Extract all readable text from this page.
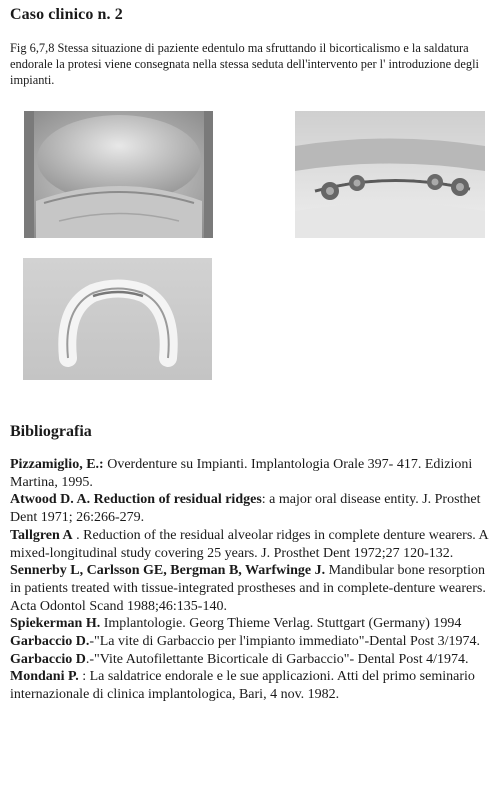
Caso clinico n. 2
Fig 6,7,8 Stessa situazione di paziente edentulo ma sfruttando il bicorticalismo e la saldatura endorale la protesi viene consegnata nella stessa seduta dell'intervento per l' introduzione degli impianti.
Bibliografia
Pizzamiglio, E.: Overdenture su Impianti. Implantologia Orale 397- 417. Edizioni Martina, 1995.
Atwood D. A. Reduction of residual ridges: a major oral disease entity. J. Prosthet Dent 1971; 26:266-279.
Tallgren A . Reduction of the residual alveolar ridges in complete denture wearers. A mixed-longitudinal study covering 25 years. J. Prosthet Dent 1972;27 120-132.
Sennerby L, Carlsson GE, Bergman B, Warfwinge J. Mandibular bone resorption in patients treated with tissue-integrated prostheses and in complete-denture wearers. Acta Odontol Scand 1988;46:135-140.
Spiekerman H. Implantologie. Georg Thieme Verlag. Stuttgart (Germany) 1994
Garbaccio D.-"La vite di Garbaccio per l'impianto immediato"-Dental Post 3/1974.
Garbaccio D.-"Vite Autofilettante Bicorticale di Garbaccio"- Dental Post 4/1974.
Mondani P. : La saldatrice endorale e le sue applicazioni. Atti del primo seminario internazionale di clinica implantologica, Bari, 4 nov. 1982.
